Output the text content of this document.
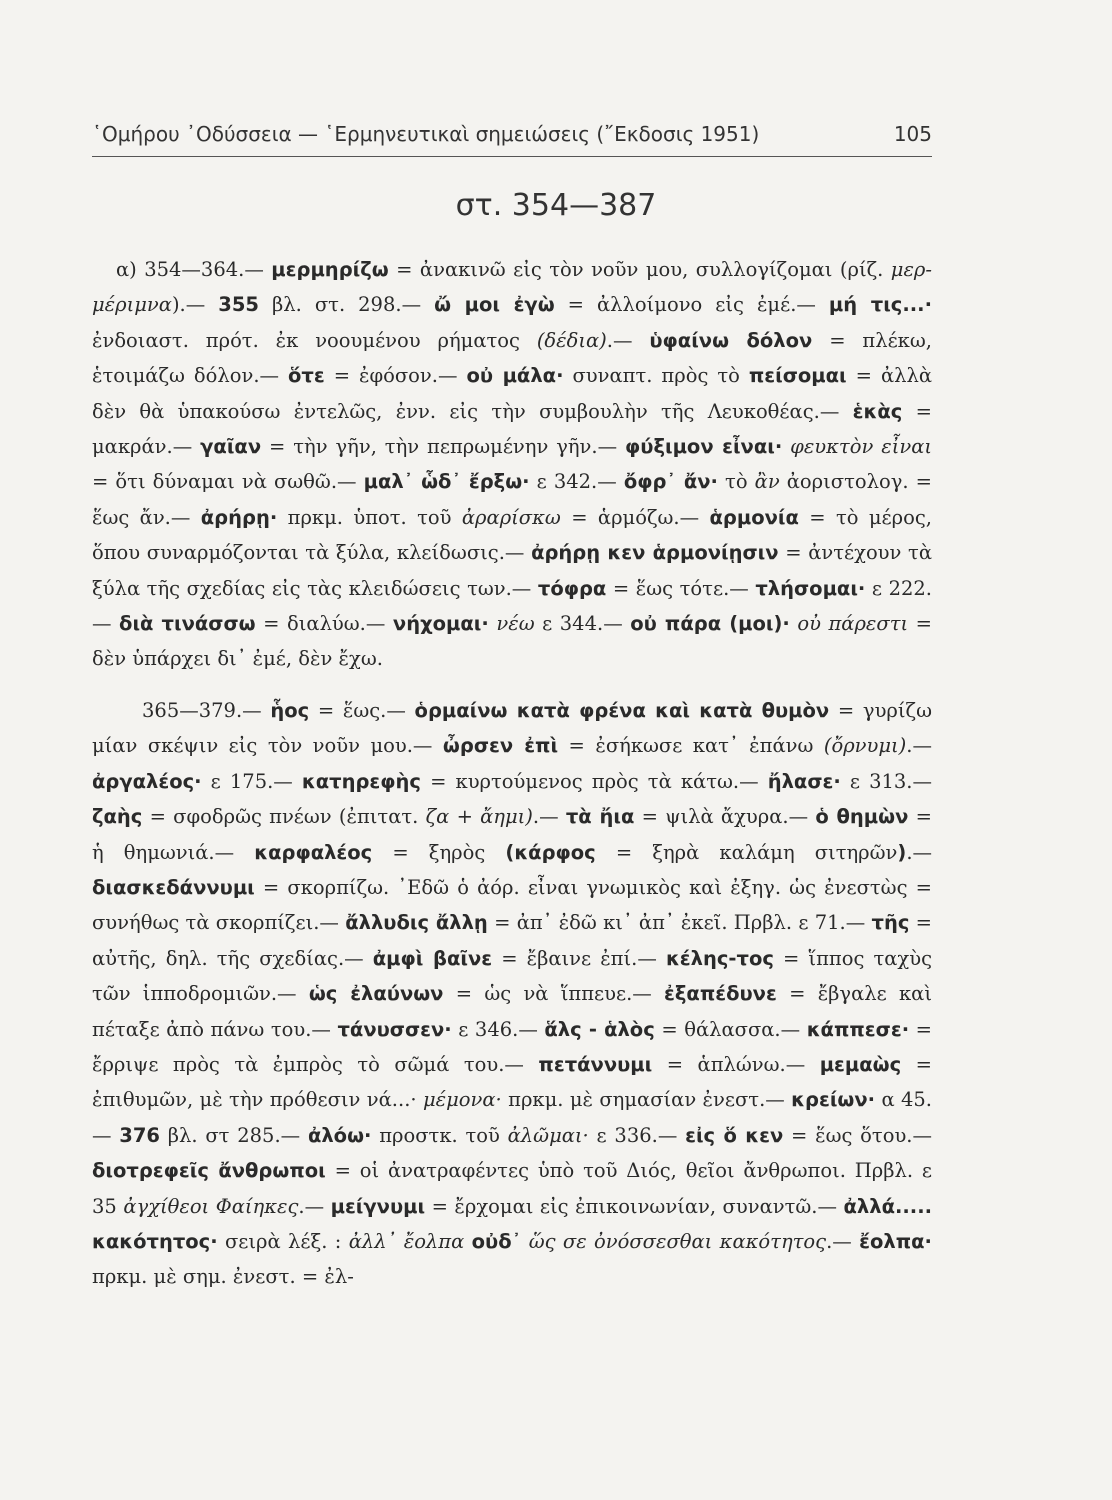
῾Ομήρου ᾿Οδύσσεια — ῾Ερμηνευτικαὶ σημειώσεις (῎Εκδοσις 1951)	105
στ. 354—387

α) 354—364.— μερμηρίζω = ἀνακινῶ εἰς τὸν νοῦν μου, συλλογίζομαι (ρίζ. μερ-μέριμνα).— 355 βλ. στ. 298.— ὤ μοι ἐγὼ = ἀλλοίμονο εἰς ἐμέ.— μή τις...· ἐνδοιαστ. πρότ. ἐκ νοουμένου ρήματος (δέδια).— ὑφαίνω δόλον = πλέκω, ἑτοιμάζω δόλον.— ὅτε = ἐφόσον.— οὐ μάλα· συναπτ. πρὸς τὸ πείσομαι = ἀλλὰ δὲν θὰ ὑπακούσω ἐντελῶς, ἐνν. εἰς τὴν συμβουλὴν τῆς Λευκοθέας.— ἑκὰς = μακράν.— γαῖαν = τὴν γῆν, τὴν πεπρωμένην γῆν.— φύξιμον εἶναι· φευκτὸν εἶναι = ὅτι δύναμαι νὰ σωθῶ.— μαλ᾿ ὧδ᾿ ἔρξω· ε 342.— ὄφρ᾿ ἄν· τὸ ἂν ἀοριστολογ. = ἕως ἄν.— ἀρήρῃ· πρκμ. ὑποτ. τοῦ ἀραρίσκω = ἁρμόζω.— ἁρμονία = τὸ μέρος, ὅπου συναρμόζονται τὰ ξύλα, κλείδωσις.— ἀρήρῃ κεν ἁρμονίῃσιν = ἀντέχουν τὰ ξύλα τῆς σχεδίας εἰς τὰς κλειδώσεις των.— τόφρα = ἕως τότε.— τλήσομαι· ε 222.— διὰ τινάσσω = διαλύω.— νήχομαι· νέω ε 344.— οὐ πάρα (μοι)· οὐ πάρεστι = δὲν ὑπάρχει δι᾿ ἐμέ, δὲν ἔχω.

365—379.— ἧος = ἕως.— ὁρμαίνω κατὰ φρένα καὶ κατὰ θυμὸν = γυρίζω μίαν σκέψιν εἰς τὸν νοῦν μου.— ὦρσεν ἐπὶ = ἐσήκωσε κατ᾿ ἐπάνω (ὄρνυμι).— ἀργαλέος· ε 175.— κατηρεφὴς = κυρτούμενος πρὸς τὰ κάτω.— ἤλασε· ε 313.— ζαὴς = σφοδρῶς πνέων (ἐπιτατ. ζα + ἄημι).— τὰ ἤια = ψιλὰ ἄχυρα.— ὁ θημὼν = ἡ θημωνιά.— καρφαλέος = ξηρὸς (κάρφος = ξηρὰ καλάμη σιτηρῶν).— διασκεδάννυμι = σκορπίζω. ᾿Εδῶ ὁ ἀόρ. εἶναι γνωμικὸς καὶ ἐξηγ. ὡς ἐνεστὼς = συνήθως τὰ σκορπίζει.— ἄλλυδις ἄλλῃ = ἀπ᾿ ἐδῶ κι᾿ ἀπ᾿ ἐκεῖ. Πρβλ. ε 71.— τῆς = αὐτῆς, δηλ. τῆς σχεδίας.— ἀμφὶ βαῖνε = ἔβαινε ἐπί.— κέλης-τος = ἵππος ταχὺς τῶν ἱπποδρομιῶν.— ὡς ἐλαύνων = ὡς νὰ ἵππευε.— ἐξαπέδυνε = ἔβγαλε καὶ πέταξε ἀπὸ πάνω του.— τάνυσσεν· ε 346.— ἅλς - ἁλὸς = θάλασσα.— κάππεσε· = ἔρριψε πρὸς τὰ ἐμπρὸς τὸ σῶμά του.— πετάννυμι = ἁπλώνω.— μεμαὼς = ἐπιθυμῶν, μὲ τὴν πρόθεσιν νά...· μέμονα· πρκμ. μὲ σημασίαν ἐνεστ.— κρείων· α 45.— 376 βλ. στ 285.— ἀλόω· προστκ. τοῦ ἀλῶμαι· ε 336.— εἰς ὅ κεν = ἕως ὅτου.— διοτρεφεῖς ἄνθρωποι = οἱ ἀνατραφέντες ὑπὸ τοῦ Διός, θεῖοι ἄνθρωποι. Πρβλ. ε 35 ἀγχίθεοι Φαίηκες.— μείγνυμι = ἔρχομαι εἰς ἐπικοινωνίαν, συναντῶ.— ἀλλά..... κακότητος· σειρὰ λέξ. : ἀλλ᾿ ἔολπα οὐδ᾿ ὥς σε ὀνόσσεσθαι κακότητος.— ἔολπα· πρκμ. μὲ σημ. ἐνεστ. = ἐλ-
